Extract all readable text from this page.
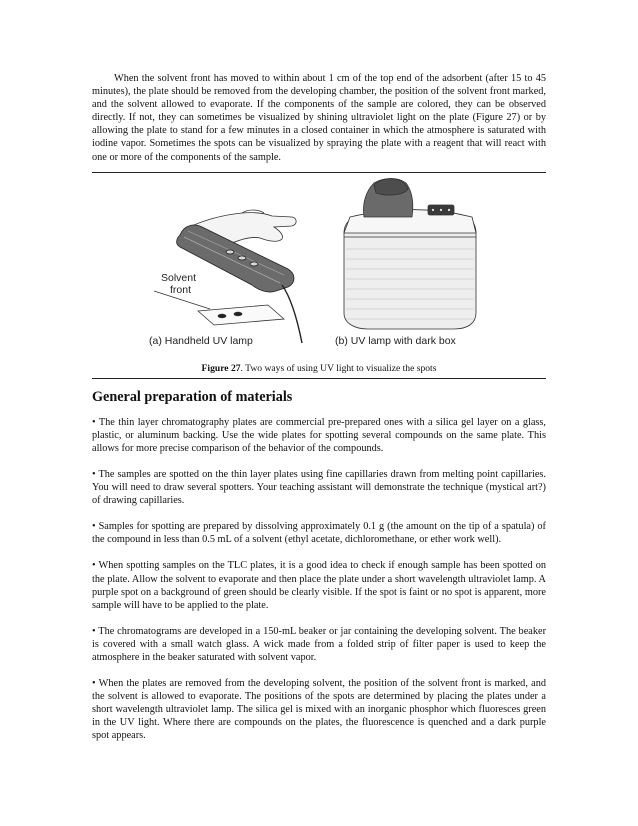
When the solvent front has moved to within about 1 cm of the top end of the adsorbent (after 15 to 45 minutes), the plate should be removed from the developing chamber, the position of the solvent front marked, and the solvent allowed to evaporate. If the components of the sample are colored, they can be observed directly. If not, they can sometimes be visualized by shining ultraviolet light on the plate (Figure 27) or by allowing the plate to stand for a few minutes in a closed container in which the atmosphere is saturated with iodine vapor. Sometimes the spots can be visualized by spraying the plate with a reagent that will react with one or more of the components of the sample.

Solvent
front
(a) Handheld UV lamp	(b) UV lamp with dark box
Figure 27. Two ways of using UV light to visualize the spots
General preparation of materials

• The thin layer chromatography plates are commercial pre-prepared ones with a silica gel layer on a glass, plastic, or aluminum backing. Use the wide plates for spotting several compounds on the same plate. This allows for more precise comparison of the behavior of the compounds.

• The samples are spotted on the thin layer plates using fine capillaries drawn from melting point capillaries. You will need to draw several spotters. Your teaching assistant will demonstrate the technique (mystical art?) of drawing capillaries.

• Samples for spotting are prepared by dissolving approximately 0.1 g (the amount on the tip of a spatula) of the compound in less than 0.5 mL of a solvent (ethyl acetate, dichloromethane, or ether work well).

• When spotting samples on the TLC plates, it is a good idea to check if enough sample has been spotted on the plate. Allow the solvent to evaporate and then place the plate under a short wavelength ultraviolet lamp. A purple spot on a background of green should be clearly visible. If the spot is faint or no spot is apparent, more sample will have to be applied to the plate.

• The chromatograms are developed in a 150-mL beaker or jar containing the developing solvent. The beaker is covered with a small watch glass. A wick made from a folded strip of filter paper is used to keep the atmosphere in the beaker saturated with solvent vapor.

• When the plates are removed from the developing solvent, the position of the solvent front is marked, and the solvent is allowed to evaporate. The positions of the spots are determined by placing the plates under a short wavelength ultraviolet lamp. The silica gel is mixed with an inorganic phosphor which fluoresces green in the UV light. Where there are compounds on the plates, the fluorescence is quenched and a dark purple spot appears.
